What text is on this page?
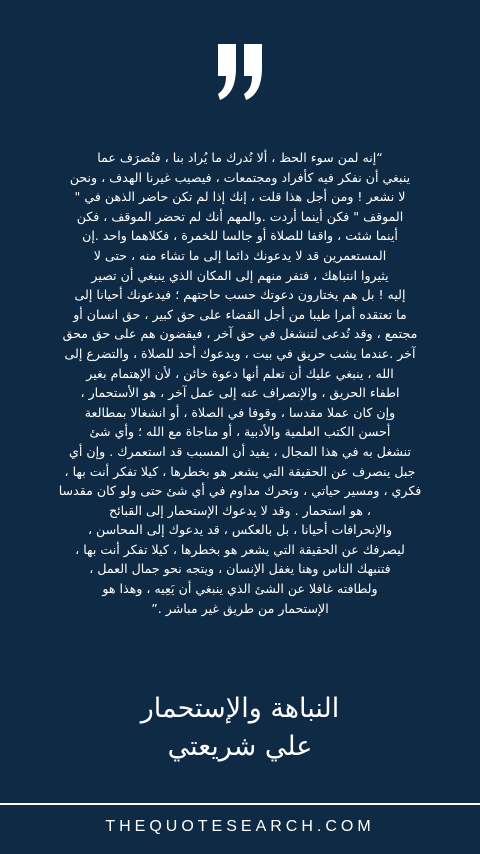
“إنه لمن سوء الحظ ، ألا نُدرك ما يُراد بنا ، فنُصرَف عما
ينبغي أن نفكر فيه كأفراد ومجتمعات ، فيصيب غيرنا الهدف ، ونحن
لا نشعر ! ومن أجل هذا قلت ، إنك إذا لم تكن حاضر الذهن في "
الموقف " فكن أينما أردت .والمهم أنك لم تحضر الموقف ، فكن
أينما شئت ، واقفا للصلاة أو جالسا للخمرة ، فكلاهما واحد .إن
المستعمرين قد لا يدعونك دائما إلى ما تشاء منه ، حتى لا
يثيروا انتباهك ، فتفر منهم إلى المكان الذي ينبغي أن تصير
إليه ! بل هم يختارون دعوتك حسب حاجتهم ؛ فيدعونك أحيانا إلى
ما تعتقده أمرا طيبا من أجل القضاء على حق كبير ، حق انسان أو
مجتمع ، وقد تُدعى لتنشغل في حق آخر ، فيقضون هم على حق محق
آخر .عندما يشب حريق في بيت ، ويدعوك أحد للصلاة ، والتضرع إلى
الله ، ينبغي عليك أن تعلم أنها دعوة خائن ، لأن الإهتمام بغير
اطفاء الحريق ، والإنصراف عنه إلى عمل آخر ، هو الأستحمار ،
وإن كان عملا مقدسا ، وقوفا في الصلاة ، أو انشغالا بمطالعة
أحسن الكتب العلمية والأدبية ، أو مناجاة مع الله ؛ وأي شئ
تنشغل به في هذا المجال ، يفيد أن المسبب قد استعمرك . وإن أي
جبل ينصرف عن الحقيقة التي يشعر هو بخطرها ، كيلا تفكر أنت بها ،
فكري ، ومسير حياتي ، وتحرك مداوم في أي شئ حتى ولو كان مقدسا
، هو استحمار . وقد لا يدعوك الإستحمار إلى القبائح
والإنحرافات أحيانا ، بل بالعكس ، قد يدعوك إلى المحاسن ،
ليصرفك عن الحقيقة التي يشعر هو بخطرها ، كيلا تفكر أنت بها ،
فتنبهك الناس وهنا يغفل الإنسان ، ويتجه نحو جمال العمل ،
ولطافته غافلا عن الشئ الذي ينبغي أن يَعِيه ، وهذا هو
الإستحمار من طريق غير مباشر .”
النباهة والإستحمار
علي شريعتي
THEQUOTESEARCH.COM
